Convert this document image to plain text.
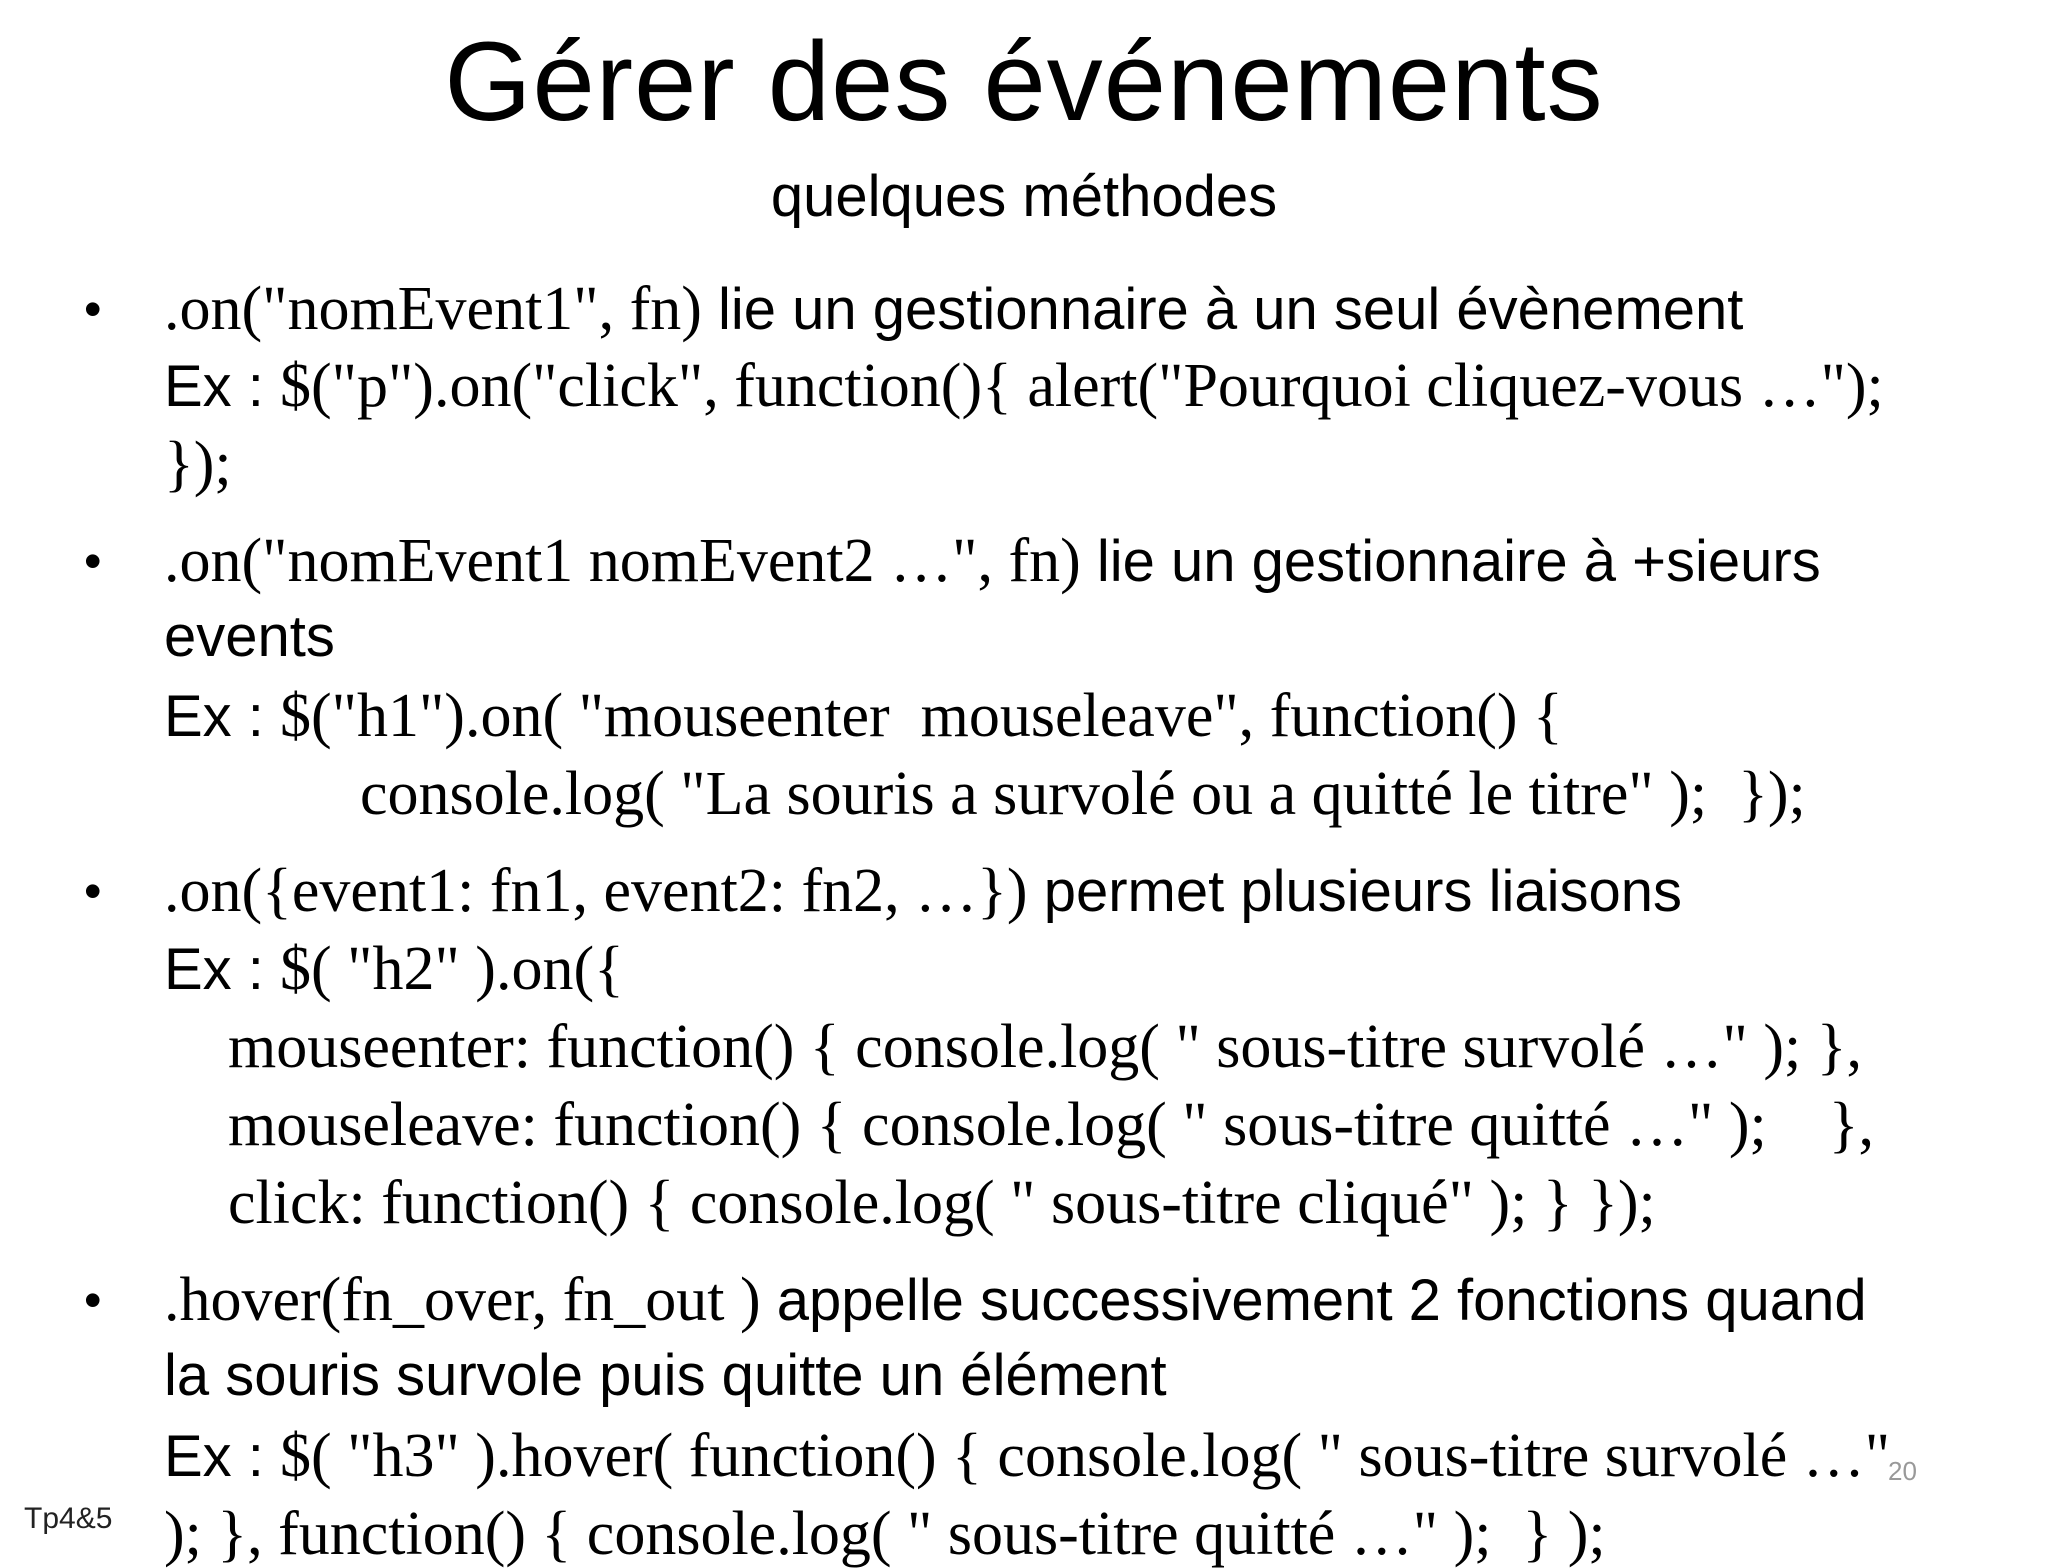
Gérer des événements
quelques méthodes
• .on("nomEvent1", fn) lie un gestionnaire à un seul évènement
Ex : $("p").on("click", function(){ alert("Pourquoi cliquez-vous …");
});
• .on("nomEvent1 nomEvent2 …", fn) lie un gestionnaire à +sieurs
events
Ex : $("h1").on( "mouseenter  mouseleave", function() {
console.log( "La souris a survolé ou a quitté le titre" );  });
• .on({event1: fn1, event2: fn2, …}) permet plusieurs liaisons
Ex : $( "h2" ).on({
mouseenter: function() { console.log( " sous-titre survolé …" ); },
mouseleave: function() { console.log( " sous-titre quitté …" );    },
click: function() { console.log( " sous-titre cliqué" ); } });
• .hover(fn_over, fn_out ) appelle successivement 2 fonctions quand
la souris survole puis quitte un élément
Ex : $( "h3" ).hover( function() { console.log( " sous-titre survolé …"
); }, function() { console.log( " sous-titre quitté …" );  } );
Tp4&5
20
